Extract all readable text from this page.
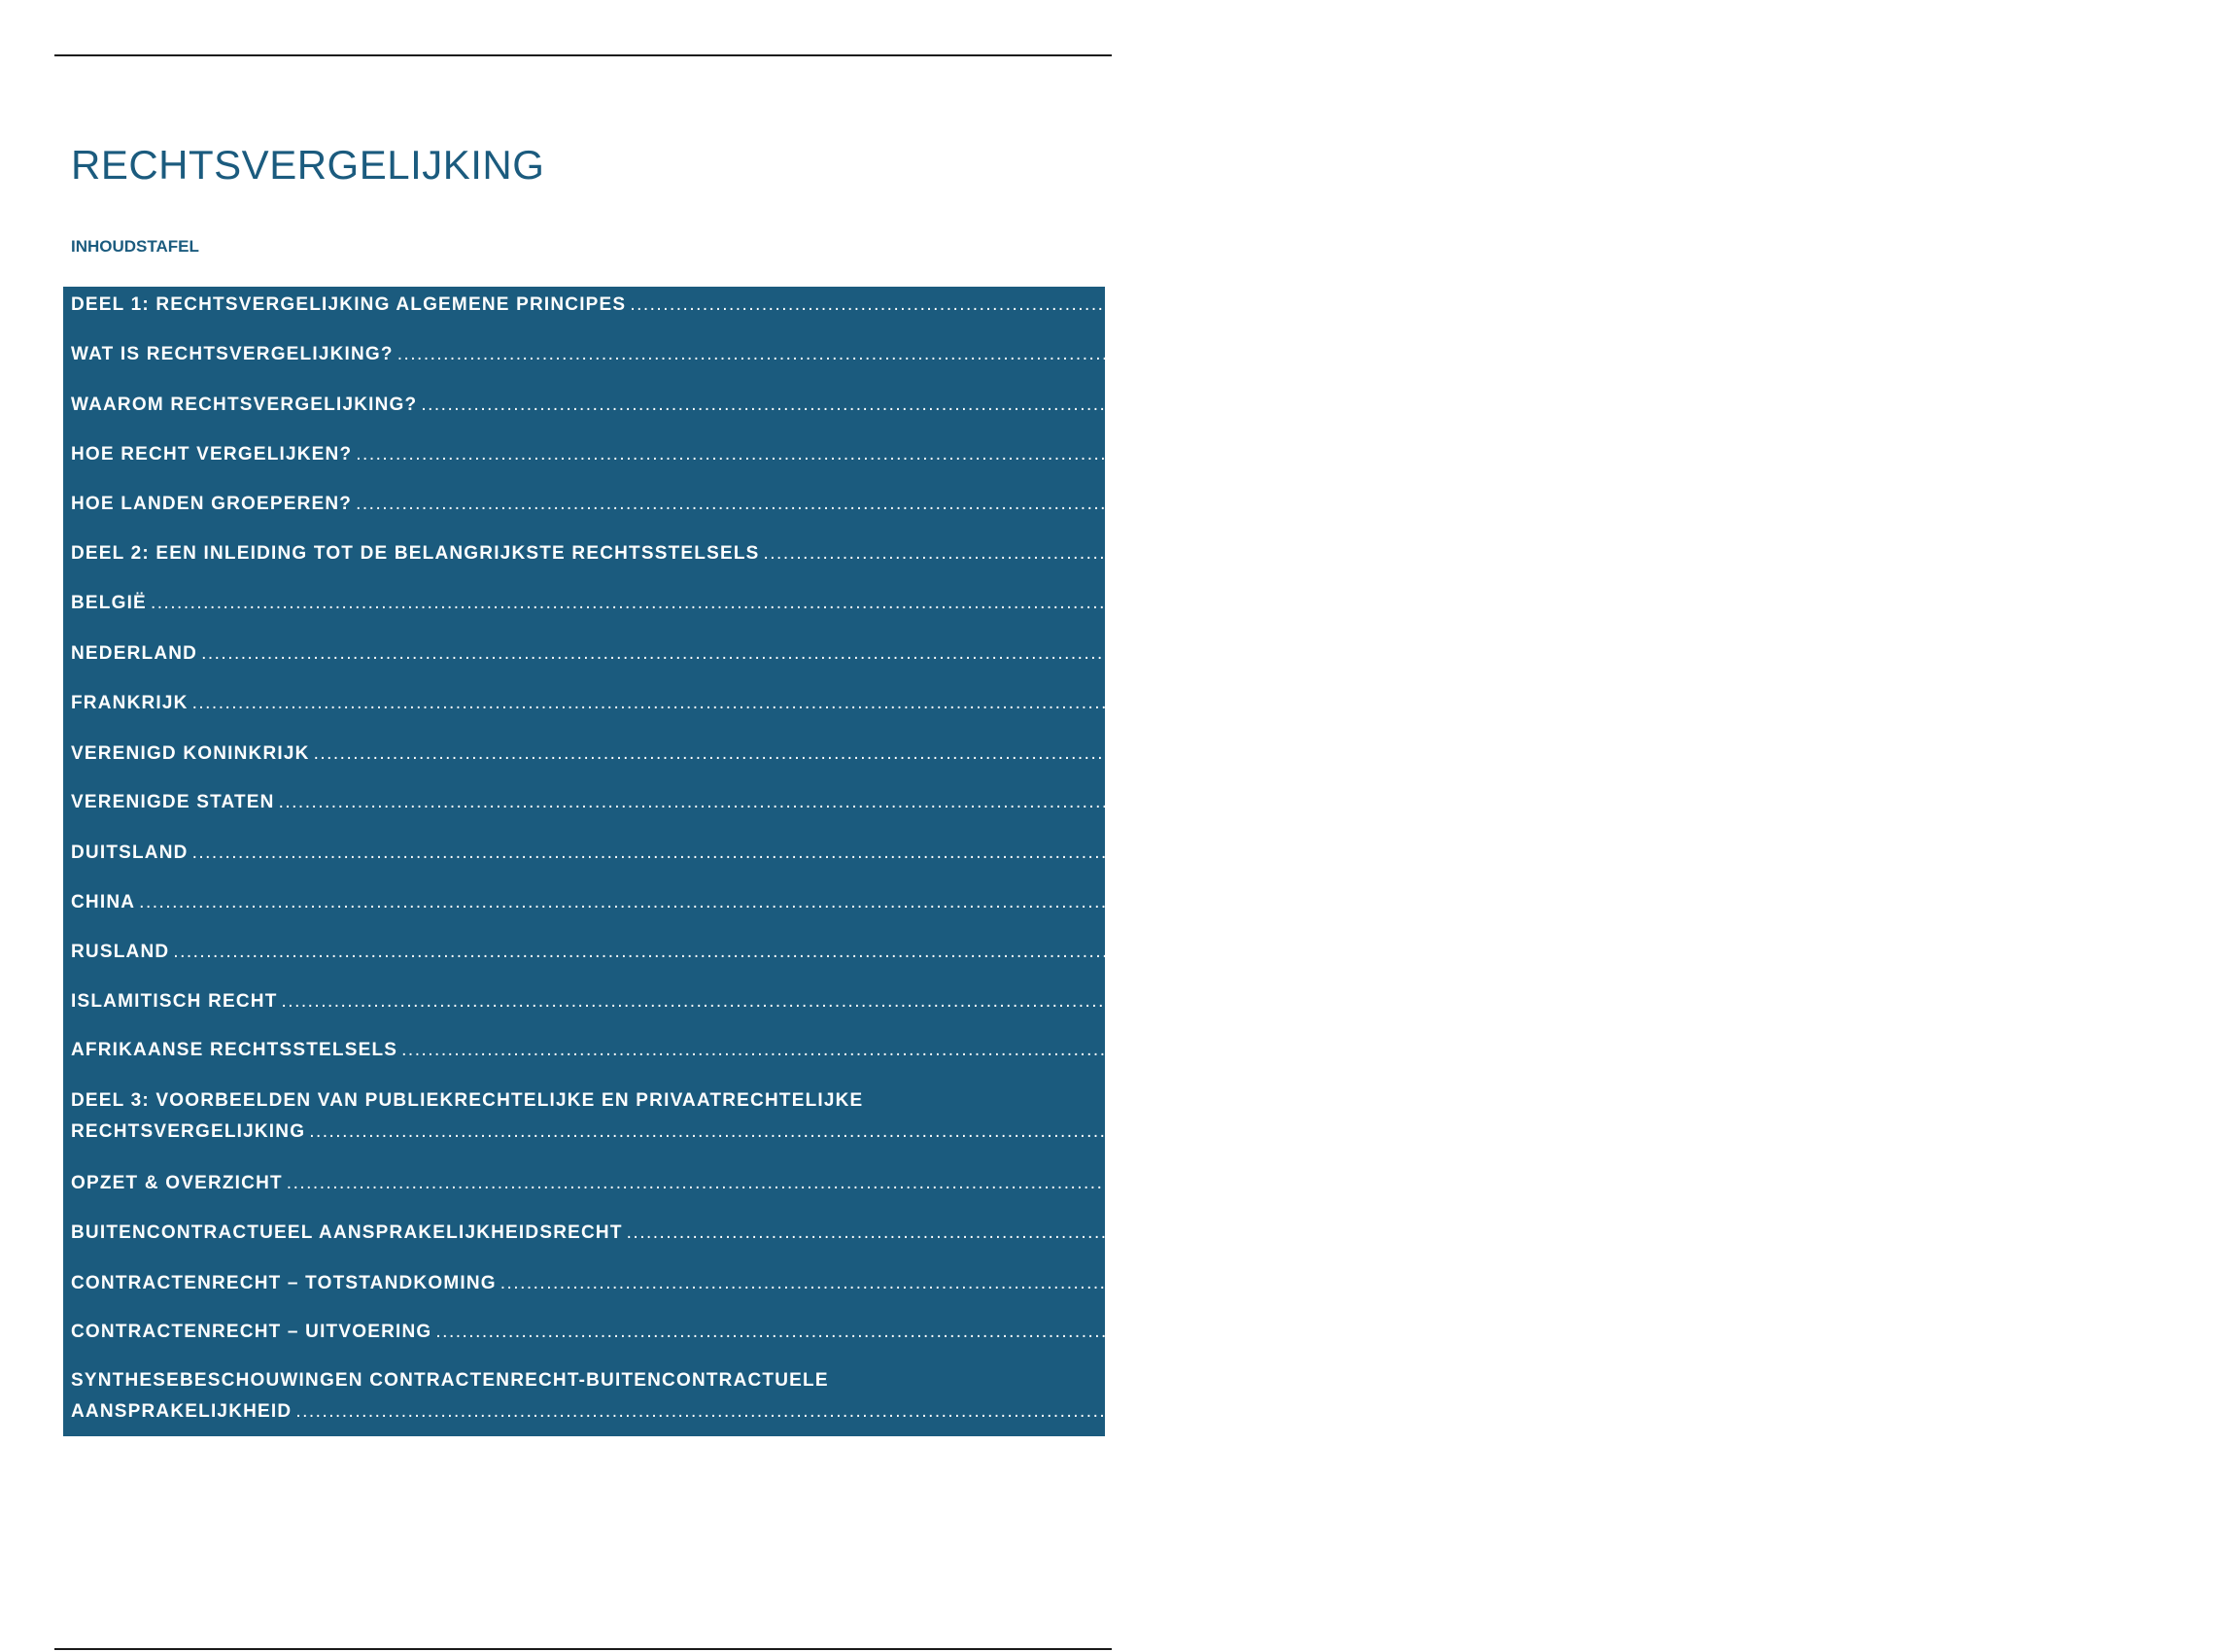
RECHTSVERGELIJKING
INHOUDSTAFEL
DEEL 1: RECHTSVERGELIJKING ALGEMENE PRINCIPES ............................................................................................................................................................................................................................ 1
WAT IS RECHTSVERGELIJKING? ............................................................................................................................................................................................................................ 1
WAAROM RECHTSVERGELIJKING? ............................................................................................................................................................................................................................ 4
HOE RECHT VERGELIJKEN? ............................................................................................................................................................................................................................ 6
HOE LANDEN GROEPEREN? ............................................................................................................................................................................................................................ 10
DEEL 2: EEN INLEIDING TOT DE BELANGRIJKSTE RECHTSSTELSELS ............................................................................................................................................................................................................................ 14
BELGIË ............................................................................................................................................................................................................................ 14
NEDERLAND ............................................................................................................................................................................................................................ 19
FRANKRIJK ............................................................................................................................................................................................................................ 26
VERENIGD KONINKRIJK ............................................................................................................................................................................................................................ 36
VERENIGDE STATEN ............................................................................................................................................................................................................................ 46
DUITSLAND ............................................................................................................................................................................................................................ 56
CHINA ............................................................................................................................................................................................................................ 63
RUSLAND ............................................................................................................................................................................................................................ 72
ISLAMITISCH RECHT ............................................................................................................................................................................................................................ 79
AFRIKAANSE RECHTSSTELSELS ............................................................................................................................................................................................................................ 86
DEEL 3: VOORBEELDEN VAN PUBLIEKRECHTELIJKE EN PRIVAATRECHTELIJKE
RECHTSVERGELIJKING ............................................................................................................................................................................................................................ 91
OPZET & OVERZICHT ............................................................................................................................................................................................................................ 91
BUITENCONTRACTUEEL AANSPRAKELIJKHEIDSRECHT ............................................................................................................................................................................................................................ 91
CONTRACTENRECHT – TOTSTANDKOMING ............................................................................................................................................................................................................................ 96
CONTRACTENRECHT – UITVOERING ............................................................................................................................................................................................................................ 98
SYNTHESEBESCHOUWINGEN CONTRACTENRECHT-BUITENCONTRACTUELE
AANSPRAKELIJKHEID ............................................................................................................................................................................................................................ 100
